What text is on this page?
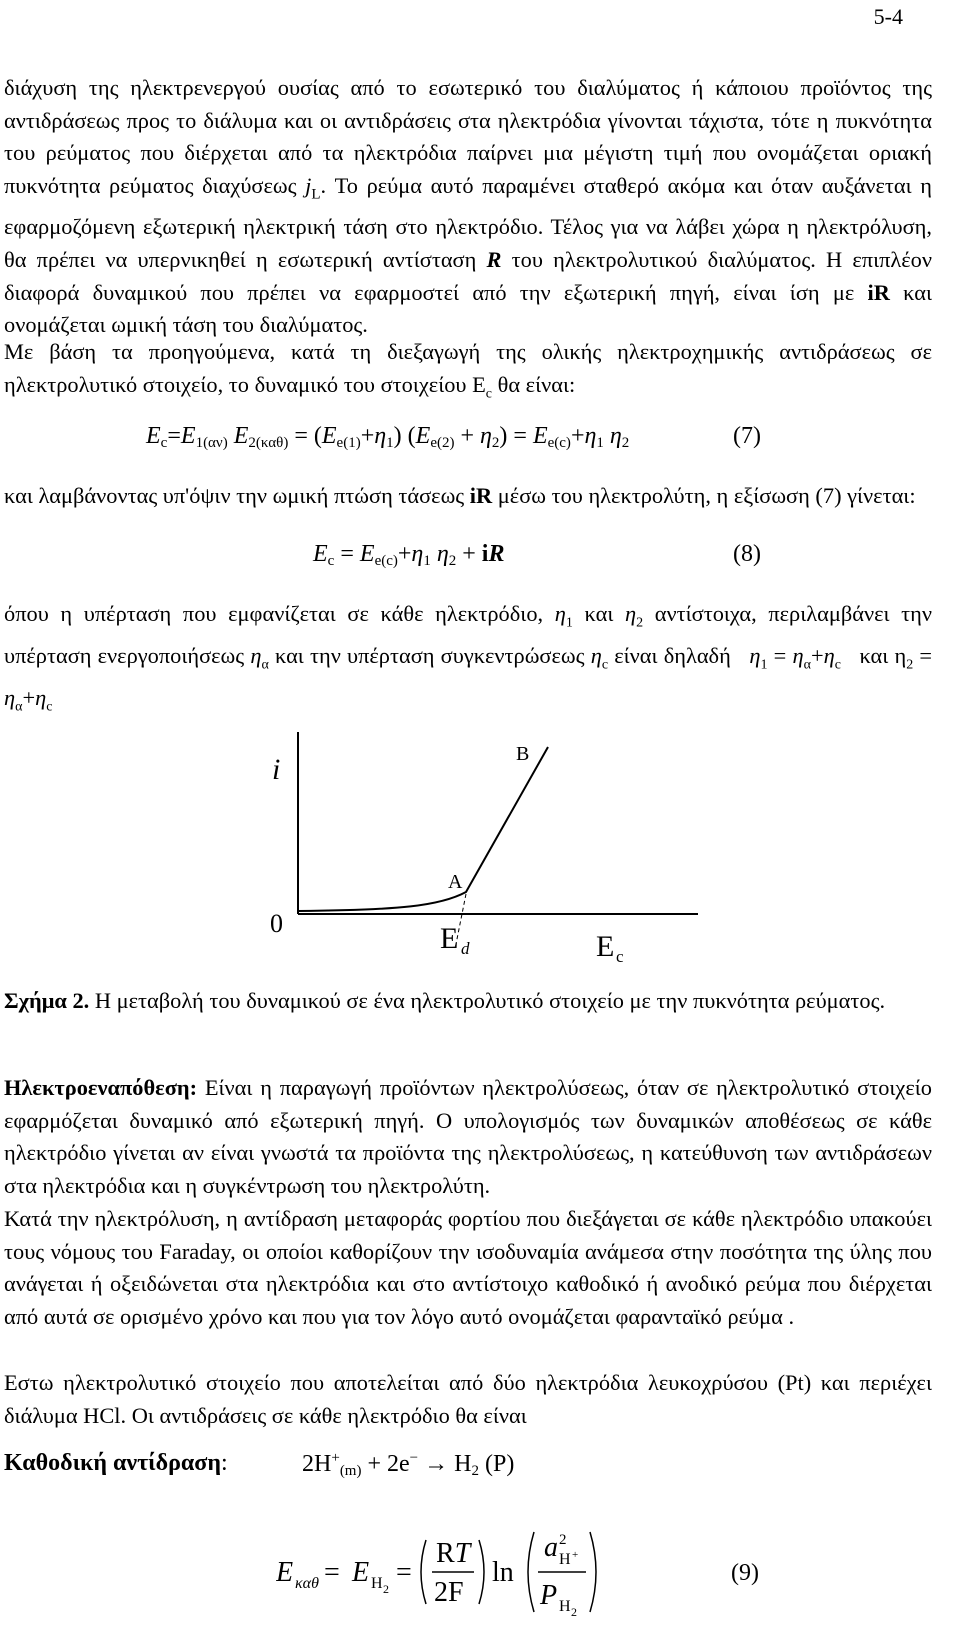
5-4

διάχυση της ηλεκτρενεργού ουσίας από το εσωτερικό του διαλύματος ή κάποιου προϊόντος της αντιδράσεως προς το διάλυμα και οι αντιδράσεις στα ηλεκτρόδια γίνονται τάχιστα, τότε η πυκνότητα του ρεύματος που διέρχεται από τα ηλεκτρόδια παίρνει μια μέγιστη τιμή που ονομάζεται οριακή πυκνότητα ρεύματος διαχύσεως $j_L$. Το ρεύμα αυτό παραμένει σταθερό ακόμα και όταν αυξάνεται η εφαρμοζόμενη εξωτερική ηλεκτρική τάση στο ηλεκτρόδιο. Τέλος για να λάβει χώρα η ηλεκτρόλυση, θα πρέπει να υπερνικηθεί η εσωτερική αντίσταση R του ηλεκτρολυτικού διαλύματος. Η επιπλέον διαφορά δυναμικού που πρέπει να εφαρμοστεί από την εξωτερική πηγή, είναι ίση με iR και ονομάζεται ωμική τάση του διαλύματος.

Με βάση τα προηγούμενα, κατά τη διεξαγωγή της ολικής ηλεκτροχημικής αντιδράσεως σε ηλεκτρολυτικό στοιχείο, το δυναμικό του στοιχείου $E_c$ θα είναι:

$E_c=E_{1(\alpha\nu)}$ $E_{2(\kappa\alpha\theta)} = (E_{e(1)}+\eta_1) (E_{e(2)} + \eta_2) = E_{e(c)}+\eta_1$ $\eta_2$	(7)

και λαμβάνοντας υπ'όψιν την ωμική πτώση τάσεως iR μέσω του ηλεκτρολύτη, η εξίσωση (7) γίνεται:

$E_c = E_{e(c)}+\eta_1$ $\eta_2$ + iR	(8)

όπου η υπέρταση που εμφανίζεται σε κάθε ηλεκτρόδιο, $\eta_1$ και $\eta_2$ αντίστοιχα, περιλαμβάνει την υπέρταση ενεργοποιήσεως $\eta_\alpha$ και την υπέρταση συγκεντρώσεως $\eta_c$ είναι δηλαδή   $\eta_1 = \eta_\alpha+\eta_c$   και $\eta_2 = \eta_\alpha+\eta_c$

i
0
A
B
E d	E c

Σχήμα 2. Η μεταβολή του δυναμικού σε ένα ηλεκτρολυτικό στοιχείο με την πυκνότητα ρεύματος.

Ηλεκτροεναπόθεση: Είναι η παραγωγή προϊόντων ηλεκτρολύσεως, όταν σε ηλεκτρολυτικό στοιχείο εφαρμόζεται δυναμικό από εξωτερική πηγή. Ο υπολογισμός των δυναμικών αποθέσεως σε κάθε ηλεκτρόδιο γίνεται αν είναι γνωστά τα προϊόντα της ηλεκτρολύσεως, η κατεύθυνση των αντιδράσεων στα ηλεκτρόδια και η συγκέντρωση του ηλεκτρολύτη.

Κατά την ηλεκτρόλυση, η αντίδραση μεταφοράς φορτίου που διεξάγεται σε κάθε ηλεκτρόδιο υπακούει τους νόμους του Faraday, οι οποίοι καθορίζουν την ισοδυναμία ανάμεσα στην ποσότητα της ύλης που ανάγεται ή οξειδώνεται στα ηλεκτρόδια και στο αντίστοιχο καθοδικό ή ανοδικό ρεύμα που διέρχεται από αυτά σε ορισμένο χρόνο και που για τον λόγο αυτό ονομάζεται φαρανταϊκό ρεύμα .

Εστω ηλεκτρολυτικό στοιχείο που αποτελείται από δύο ηλεκτρόδια λευκοχρύσου (Pt) και περιέχει διάλυμα HCl. Οι αντιδράσεις σε κάθε ηλεκτρόδιο θα είναι

Καθοδική αντίδραση:	$2H^+_{(m)} + 2e^- \to H_2$ (P)
E καθ = E H 2
=
RT
2F
ln
a 2
H +
P H 2
(9)
